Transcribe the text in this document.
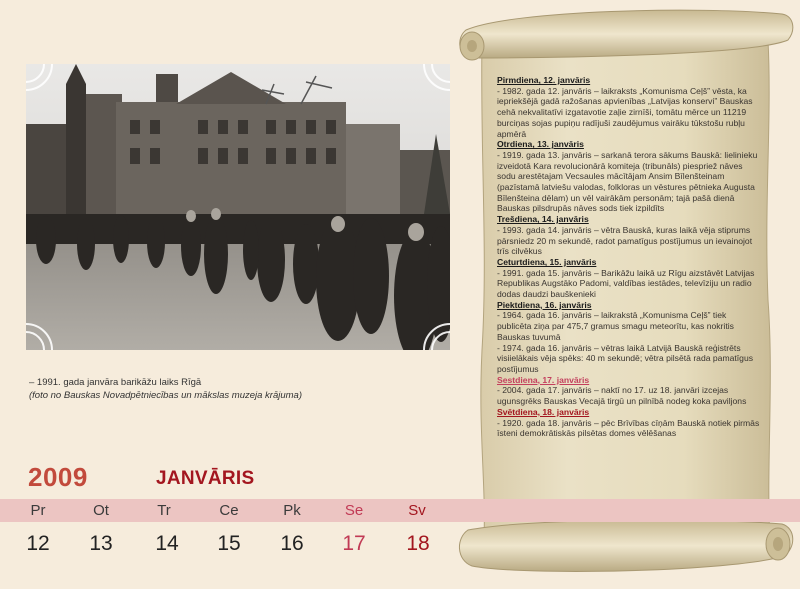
– 1991. gada janvāra barikāžu laiks Rīgā
(foto no Bauskas Novadpētniecības un mākslas muzeja krājuma)
2009	JANVĀRIS
Pr	Ot	Tr	Ce	Pk	Se	Sv
12	13	14	15	16	17	18
Pirmdiena, 12. janvāris
- 1982. gada 12. janvāris – laikraksts „Komunisma Ceļš” vēsta, ka iepriekšējā gadā ražošanas apvienības „Latvijas konservi” Bauskas cehā nekvalitatīvi izgatavotie zaļie zirnīši, tomātu mērce un 11219 burciņas sojas pupiņu radījuši zaudējumus vairāku tūkstošu rubļu apmērā
Otrdiena, 13. janvāris
- 1919. gada 13. janvāris – sarkanā terora sākums Bauskā: lielinieku izveidotā Kara revolucionārā komiteja (tribunāls) piespriež nāves sodu arestētajam Vecsaules mācītājam Ansim Bīlenšteinam (pazīstamā latviešu valodas, folkloras un vēstures pētnieka Augusta Bīlenšteina dēlam) un vēl vairākām personām; tajā pašā dienā Bauskas pilsdrupās nāves sods tiek izpildīts
Trešdiena, 14. janvāris
- 1993. gada 14. janvāris – vētra Bauskā, kuras laikā vēja stiprums pārsniedz 20 m sekundē, radot pamatīgus postījumus un ievainojot trīs cilvēkus
Ceturtdiena, 15. janvāris
- 1991. gada 15. janvāris – Barikāžu laikā uz Rīgu aizstāvēt Latvijas Republikas Augstāko Padomi, valdības iestādes, televīziju un radio dodas daudzi bauškenieki
Piektdiena, 16. janvāris
- 1964. gada 16. janvāris – laikrakstā „Komunisma Ceļš” tiek publicēta ziņa par 475,7 gramus smagu meteorītu, kas nokritis Bauskas tuvumā
- 1974. gada 16. janvāris – vētras laikā Latvijā Bauskā reģistrēts visiielākais vēja spēks: 40 m sekundē; vētra pilsētā rada pamatīgus postījumus
Sestdiena, 17. janvāris
- 2004. gada 17. janvāris – naktī no 17. uz 18. janvāri izcejas ugunsgrēks Bauskas Vecajā tirgū un pilnībā nodeg koka paviljons
Svētdiena, 18. janvāris
- 1920. gada 18. janvāris – pēc Brīvības cīņām Bauskā notiek pirmās īsteni demokrātiskās pilsētas domes vēlēšanas
